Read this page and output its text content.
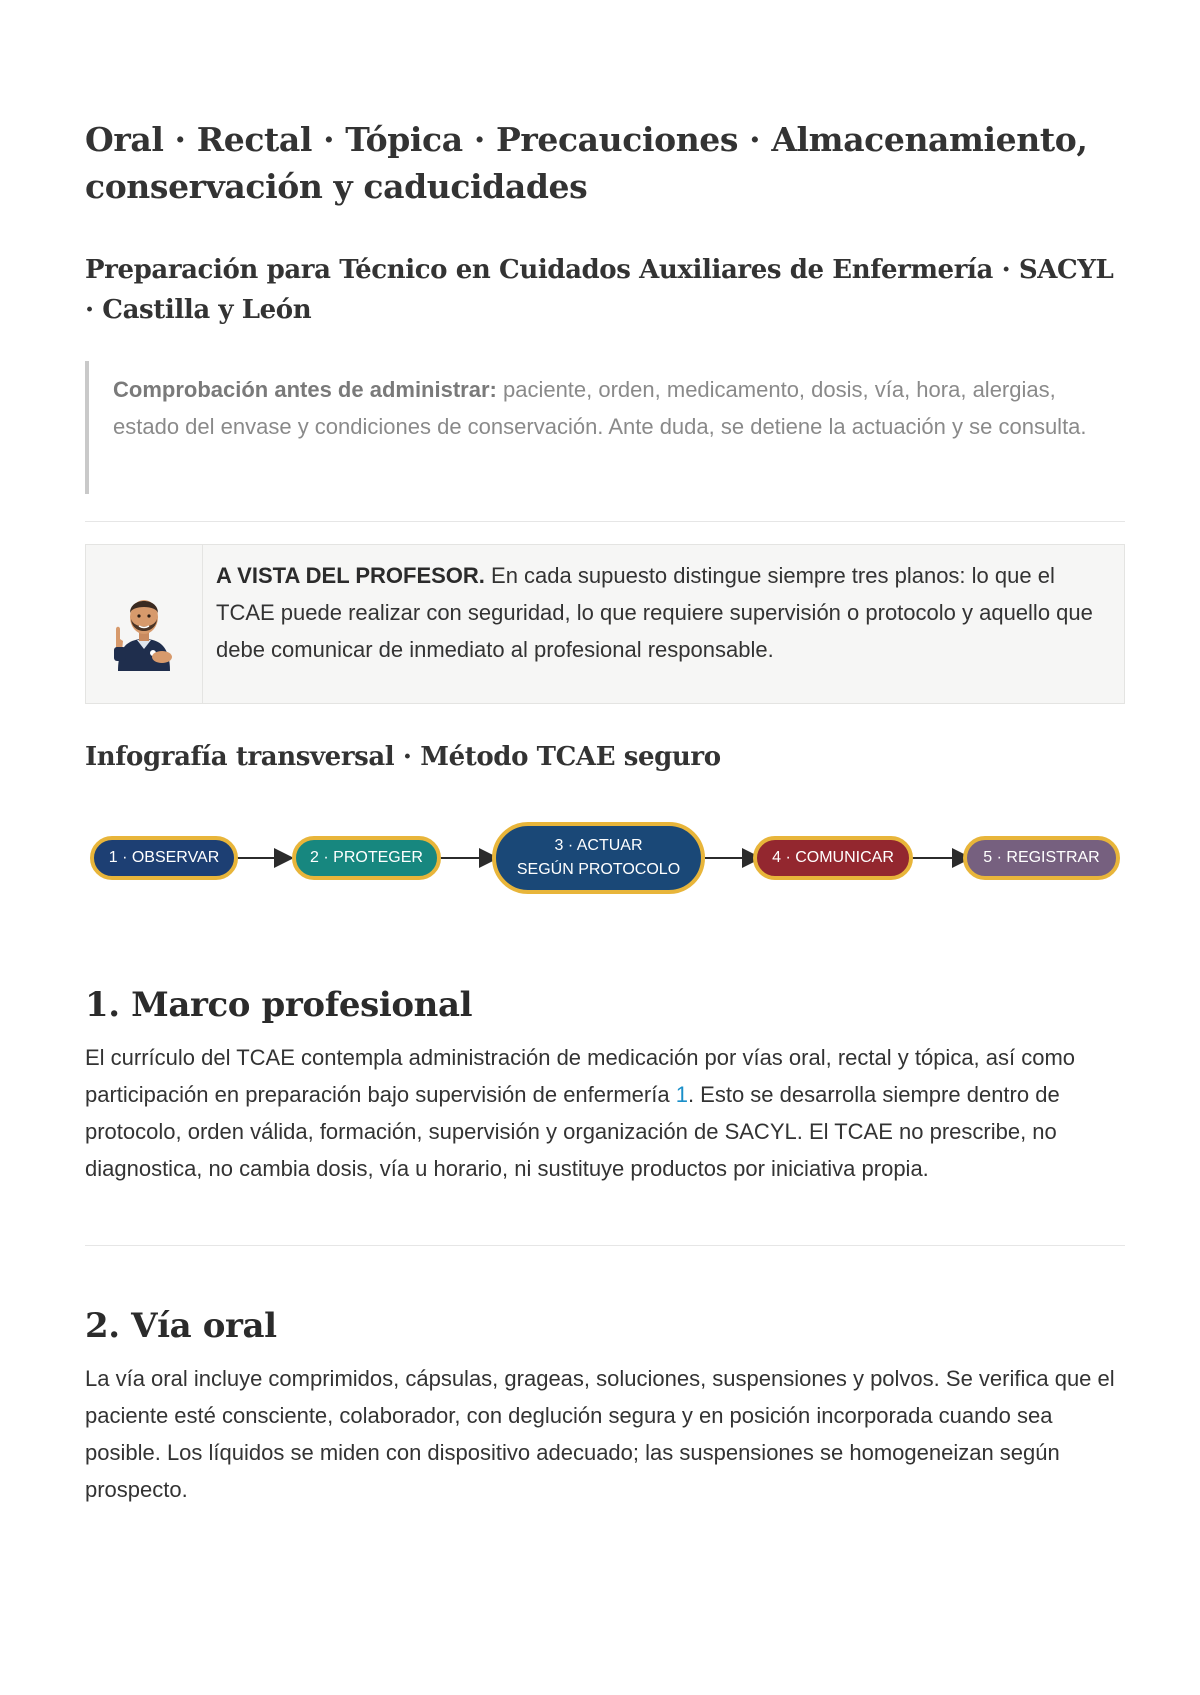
Oral · Rectal · Tópica · Precauciones · Almacenamiento, conservación y caducidades
Preparación para Técnico en Cuidados Auxiliares de Enfermería · SACYL · Castilla y León
Comprobación antes de administrar: paciente, orden, medicamento, dosis, vía, hora, alergias, estado del envase y condiciones de conservación. Ante duda, se detiene la actuación y se consulta.
A VISTA DEL PROFESOR. En cada supuesto distingue siempre tres planos: lo que el TCAE puede realizar con seguridad, lo que requiere supervisión o protocolo y aquello que debe comunicar de inmediato al profesional responsable.
Infografía transversal · Método TCAE seguro
1 · OBSERVAR	2 · PROTEGER
3 · ACTUAR
SEGÚN PROTOCOLO
4 · COMUNICAR	5 · REGISTRAR
1. Marco profesional

El currículo del TCAE contempla administración de medicación por vías oral, rectal y tópica, así como participación en preparación bajo supervisión de enfermería 1. Esto se desarrolla siempre dentro de protocolo, orden válida, formación, supervisión y organización de SACYL. El TCAE no prescribe, no diagnostica, no cambia dosis, vía u horario, ni sustituye productos por iniciativa propia.

2. Vía oral

La vía oral incluye comprimidos, cápsulas, grageas, soluciones, suspensiones y polvos. Se verifica que el paciente esté consciente, colaborador, con deglución segura y en posición incorporada cuando sea posible. Los líquidos se miden con dispositivo adecuado; las suspensiones se homogeneizan según prospecto.
